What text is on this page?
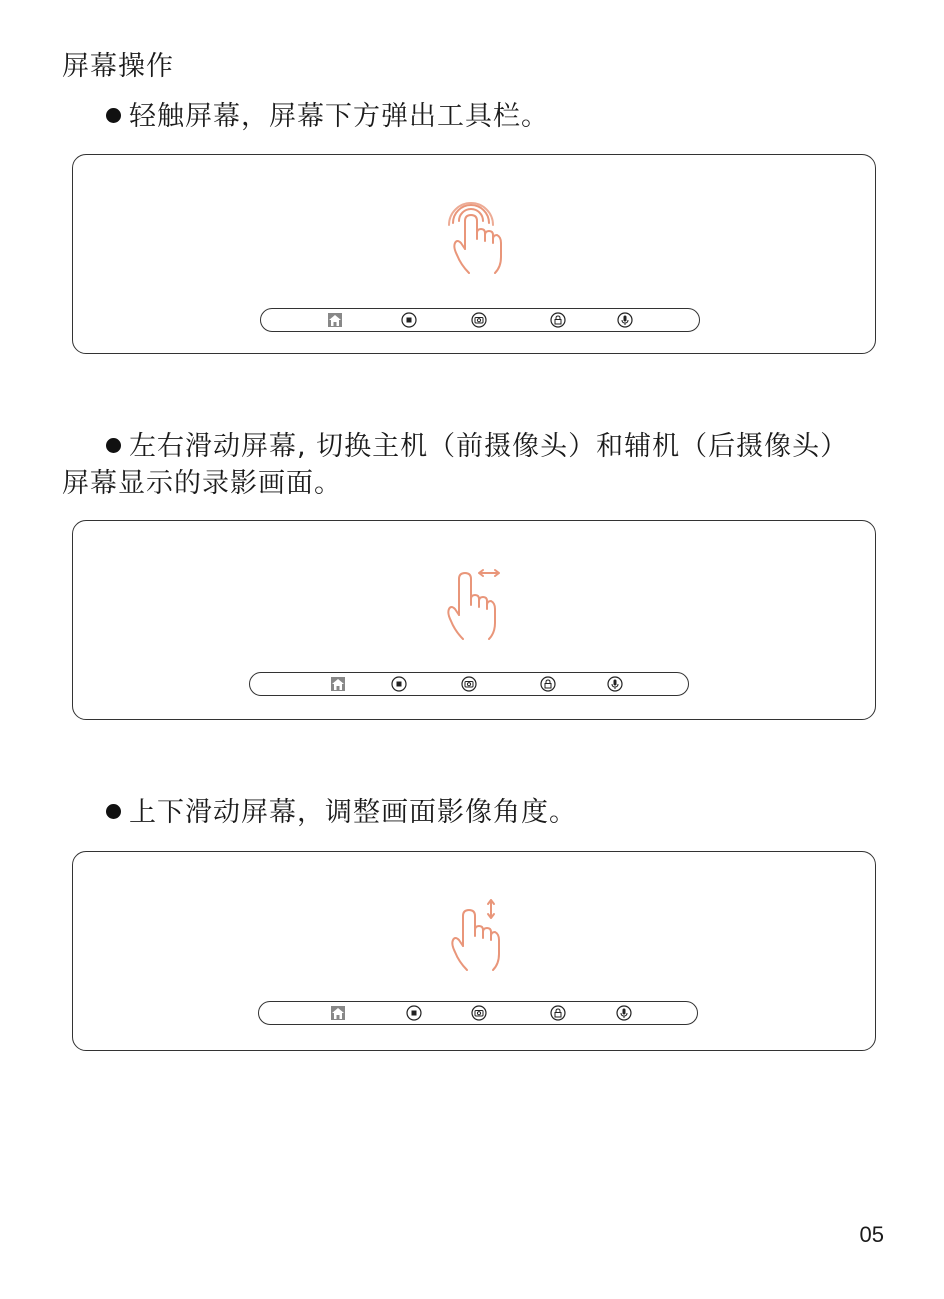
屏幕操作
轻触屏幕，屏幕下方弹出工具栏。
左右滑动屏幕, 切换主机（前摄像头）和辅机（后摄像头）
屏幕显示的录影画面。
上下滑动屏幕，调整画面影像角度。
05
